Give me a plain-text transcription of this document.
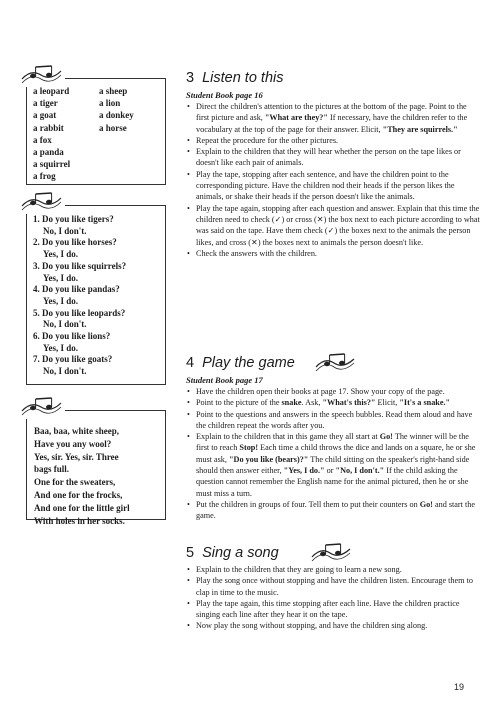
a leopard
a tiger
a goat
a rabbit
a fox
a panda
a squirrel
a frog
a sheep
a lion
a donkey
a horse
1. Do you like tigers?
No, I don't.
2. Do you like horses?
Yes, I do.
3. Do you like squirrels?
Yes, I do.
4. Do you like pandas?
Yes, I do.
5. Do you like leopards?
No, I don't.
6. Do you like lions?
Yes, I do.
7. Do you like goats?
No, I don't.
Baa, baa, white sheep,
Have you any wool?
Yes, sir. Yes, sir. Three
bags full.
One for the sweaters,
And one for the frocks,
And one for the little girl
With holes in her socks.
3 Listen to this
Student Book page 16
• Direct the children's attention to the pictures at the bottom of the page. Point to the first picture and ask, "What are they?" If necessary, have the children refer to the vocabulary at the top of the page for their answer. Elicit, "They are squirrels."
• Repeat the procedure for the other pictures.
• Explain to the children that they will hear whether the person on the tape likes or doesn't like each pair of animals.
• Play the tape, stopping after each sentence, and have the children point to the corresponding picture. Have the children nod their heads if the person likes the animals, or shake their heads if the person doesn't like the animals.
• Play the tape again, stopping after each question and answer. Explain that this time the children need to check (✓) or cross (✕) the box next to each picture according to what was said on the tape. Have them check (✓) the boxes next to the animals the person likes, and cross (✕) the boxes next to animals the person doesn't like.
• Check the answers with the children.
4 Play the game
Student Book page 17
• Have the children open their books at page 17. Show your copy of the page.
• Point to the picture of the snake. Ask, "What's this?" Elicit, "It's a snake."
• Point to the questions and answers in the speech bubbles. Read them aloud and have the children repeat the words after you.
• Explain to the children that in this game they all start at Go! The winner will be the first to reach Stop! Each time a child throws the dice and lands on a square, he or she must ask, "Do you like (bears)?" The child sitting on the speaker's right-hand side should then answer either, "Yes, I do." or "No, I don't." If the child asking the question cannot remember the English name for the animal pictured, then he or she must miss a turn.
• Put the children in groups of four. Tell them to put their counters on Go! and start the game.
5 Sing a song
• Explain to the children that they are going to learn a new song.
• Play the song once without stopping and have the children listen. Encourage them to clap in time to the music.
• Play the tape again, this time stopping after each line. Have the children practice singing each line after they hear it on the tape.
• Now play the song without stopping, and have the children sing along.
19
